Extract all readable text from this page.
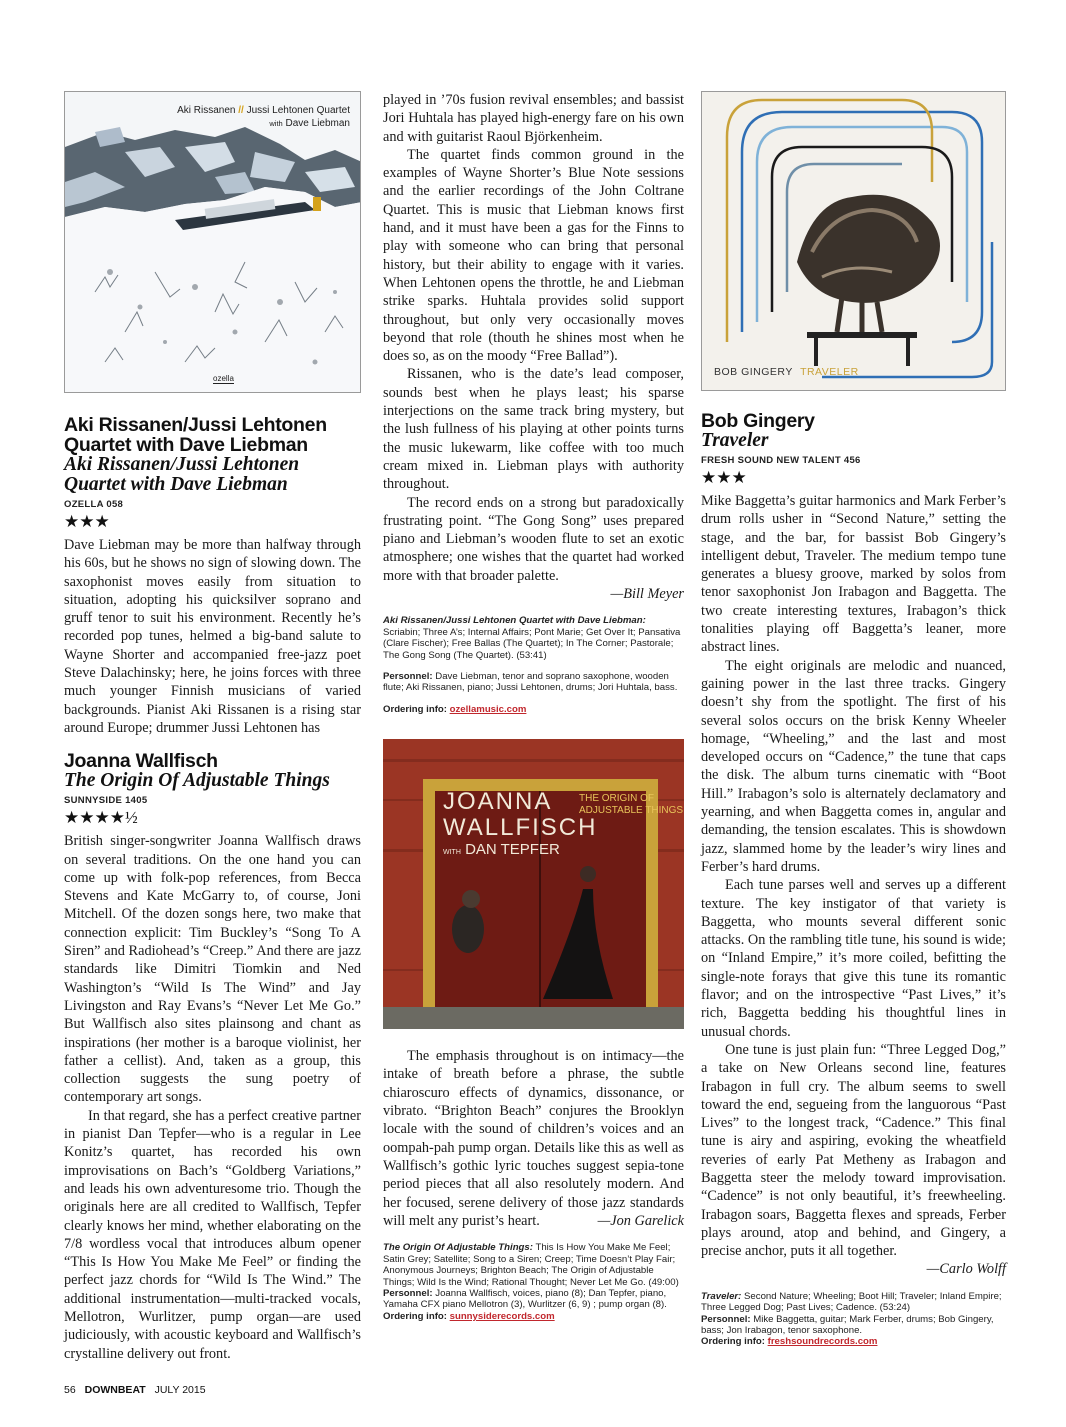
Aki Rissanen // Jussi Lehtonen Quartet
with Dave Liebman
ozella
Aki Rissanen/Jussi Lehtonen Quartet with Dave Liebman
Aki Rissanen/Jussi Lehtonen Quartet with Dave Liebman
OZELLA 058
★★★

Dave Liebman may be more than halfway through his 60s, but he shows no sign of slowing down. The saxophonist moves easily from situation to situation, adopting his quicksilver soprano and gruff tenor to suit his environment. Recently he’s recorded pop tunes, helmed a big-band salute to Wayne Shorter and accompanied free-jazz poet Steve Dalachinsky; here, he joins forces with three much younger Finnish musicians of varied backgrounds. Pianist Aki Rissanen is a rising star around Europe; drummer Jussi Lehtonen has

Joanna Wallfisch
The Origin Of Adjustable Things
SUNNYSIDE 1405
★★★★½

British singer-songwriter Joanna Wallfisch draws on several traditions. On the one hand you can come up with folk-pop references, from Becca Stevens and Kate McGarry to, of course, Joni Mitchell. Of the dozen songs here, two make that connection explicit: Tim Buckley’s “Song To A Siren” and Radiohead’s “Creep.” And there are jazz standards like Dimitri Tiomkin and Ned Washington’s “Wild Is The Wind” and Jay Livingston and Ray Evans’s “Never Let Me Go.” But Wallfisch also sites plainsong and chant as inspirations (her mother is a baroque violinist, her father a cellist). And, taken as a group, this collection suggests the sung poetry of contemporary art songs.

In that regard, she has a perfect creative partner in pianist Dan Tepfer—who is a regular in Lee Konitz’s quartet, has recorded his own improvisations on Bach’s “Goldberg Variations,” and leads his own adventuresome trio. Though the originals here are all credited to Wallfisch, Tepfer clearly knows her mind, whether elaborating on the 7/8 wordless vocal that introduces album opener “This Is How You Make Me Feel” or finding the perfect jazz chords for “Wild Is The Wind.” The additional instrumentation—multi-tracked vocals, Mellotron, Wurlitzer, pump organ—are used judiciously, with acoustic keyboard and Wallfisch’s crystalline delivery out front.

played in ’70s fusion revival ensembles; and bassist Jori Huhtala has played high-energy fare on his own and with guitarist Raoul Björkenheim.

The quartet finds common ground in the examples of Wayne Shorter’s Blue Note sessions and the earlier recordings of the John Coltrane Quartet. This is music that Liebman knows first hand, and it must have been a gas for the Finns to play with someone who can bring that personal history, but their ability to engage with it varies. When Lehtonen opens the throttle, he and Liebman strike sparks. Huhtala provides solid support throughout, but only very occasionally moves beyond that role (thouth he shines most when he does so, as on the moody “Free Ballad”).

Rissanen, who is the date’s lead composer, sounds best when he plays least; his sparse interjections on the same track bring mystery, but the lush fullness of his playing at other points turns the music lukewarm, like coffee with too much cream mixed in. Liebman plays with authority throughout.

The record ends on a strong but paradoxically frustrating point. “The Gong Song” uses prepared piano and Liebman’s wooden flute to set an exotic atmosphere; one wishes that the quartet had worked more with that broader palette.

—Bill Meyer
Aki Rissanen/Jussi Lehtonen Quartet with Dave Liebman: Scriabin; Three A’s; Internal Affairs; Pont Marie; Get Over It; Pansativa (Clare Fischer); Free Ballas (The Quartet); In The Corner; Pastorale; The Gong Song (The Quartet). (53:41)
Personnel: Dave Liebman, tenor and soprano saxophone, wooden flute; Aki Rissanen, piano; Jussi Lehtonen, drums; Jori Huhtala, bass.
Ordering info: ozellamusic.com
JOANNA
WALLFISCH
WITH DAN TEPFER
THE ORIGIN OF
ADJUSTABLE THINGS

The emphasis throughout is on intimacy—the intake of breath before a phrase, the subtle chiaroscuro effects of dynamics, dissonance, or vibrato. “Brighton Beach” conjures the Brooklyn locale with the sound of children’s voices and an oompah-pah pump organ. Details like this as well as Wallfisch’s gothic lyric touches suggest sepia-tone period pieces that all also resolutely modern. And her focused, serene delivery of those jazz standards will melt any purist’s heart.	—Jon Garelick
The Origin Of Adjustable Things: This Is How You Make Me Feel; Satin Grey; Satellite; Song to a Siren; Creep; Time Doesn’t Play Fair; Anonymous Journeys; Brighton Beach; The Origin of Adjustable Things; Wild Is the Wind; Rational Thought; Never Let Me Go. (49:00)
Personnel: Joanna Wallfisch, voices, piano (8); Dan Tepfer, piano, Yamaha CFX piano Mellotron (3), Wurlitzer (6, 9) ; pump organ (8).
Ordering info: sunnysiderecords.com
BOB GINGERY TRAVELER
Bob Gingery
Traveler
FRESH SOUND NEW TALENT 456
★★★

Mike Baggetta’s guitar harmonics and Mark Ferber’s drum rolls usher in “Second Nature,” setting the stage, and the bar, for bassist Bob Gingery’s intelligent debut, Traveler. The medium tempo tune generates a bluesy groove, marked by solos from tenor saxophonist Jon Irabagon and Baggetta. The two create interesting textures, Irabagon’s thick tonalities playing off Baggetta’s leaner, more abstract lines.

The eight originals are melodic and nuanced, gaining power in the last three tracks. Gingery doesn’t shy from the spotlight. The first of his several solos occurs on the brisk Kenny Wheeler homage, “Wheeling,” and the last and most developed occurs on “Cadence,” the tune that caps the disk. The album turns cinematic with “Boot Hill.” Irabagon’s solo is alternately declamatory and yearning, and when Baggetta comes in, angular and demanding, the tension escalates. This is showdown jazz, slammed home by the leader’s wiry lines and Ferber’s hard drums.

Each tune parses well and serves up a different texture. The key instigator of that variety is Baggetta, who mounts several different sonic attacks. On the rambling title tune, his sound is wide; on “Inland Empire,” it’s more coiled, befitting the single-note forays that give this tune its romantic flavor; and on the introspective “Past Lives,” it’s rich, Baggetta bedding his thoughtful lines in unusual chords.

One tune is just plain fun: “Three Legged Dog,” a take on New Orleans second line, features Irabagon in full cry. The album seems to swell toward the end, segueing from the languorous “Past Lives” to the longest track, “Cadence.” This final tune is airy and aspiring, evoking the wheatfield reveries of early Pat Metheny as Irabagon and Baggetta steer the melody toward improvisation. “Cadence” is not only beautiful, it’s freewheeling. Irabagon soars, Baggetta flexes and spreads, Ferber plays around, atop and behind, and Gingery, a precise anchor, puts it all together.

—Carlo Wolff
Traveler: Second Nature; Wheeling; Boot Hill; Traveler; Inland Empire; Three Legged Dog; Past Lives; Cadence. (53:24)
Personnel: Mike Baggetta, guitar; Mark Ferber, drums; Bob Gingery, bass; Jon Irabagon, tenor saxophone.
Ordering info: freshsoundrecords.com
56 DOWNBEAT JULY 2015
